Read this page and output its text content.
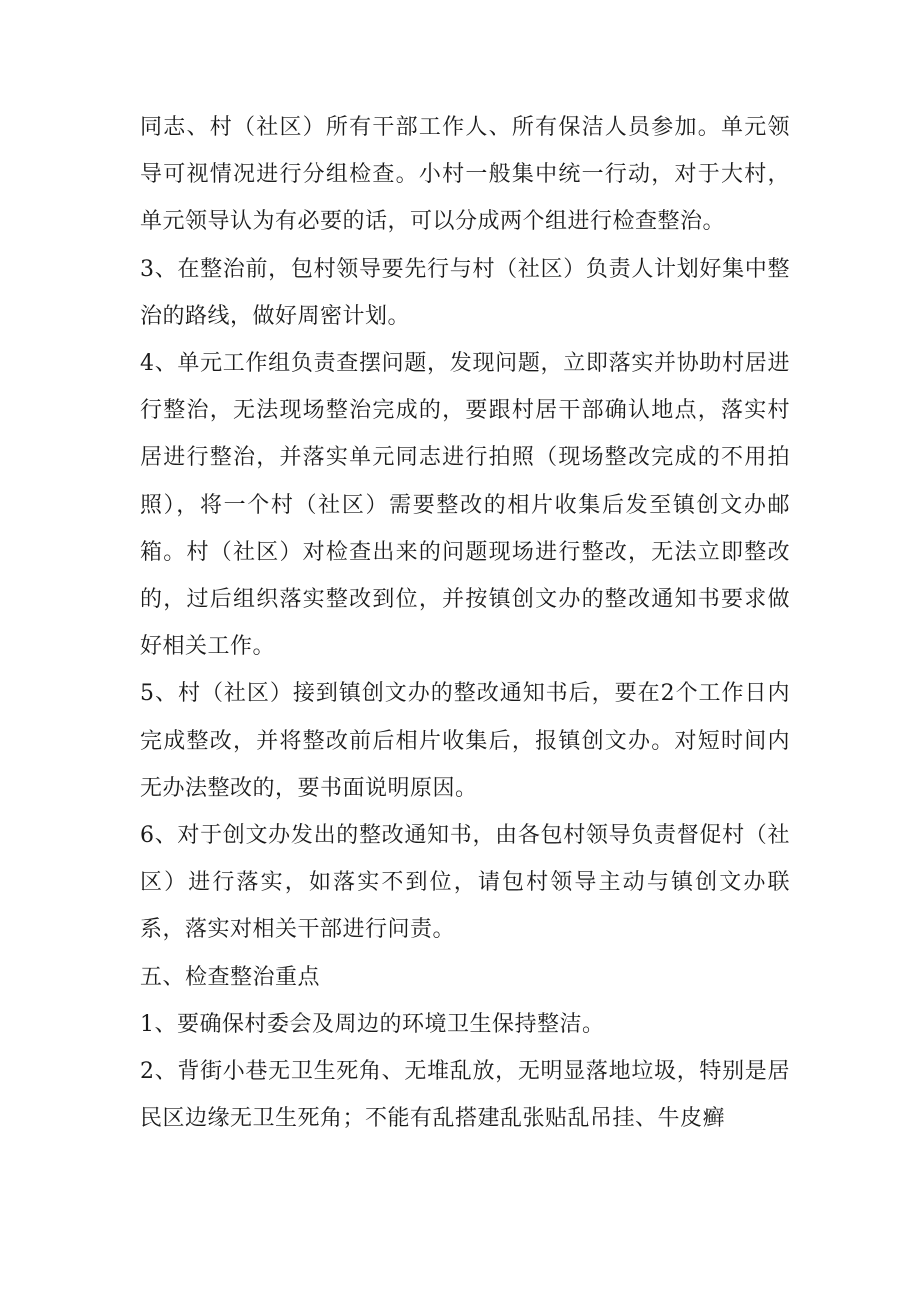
同志、村（社区）所有干部工作人、所有保洁人员参加。单元领导可视情况进行分组检查。小村一般集中统一行动，对于大村，单元领导认为有必要的话，可以分成两个组进行检查整治。

3、在整治前，包村领导要先行与村（社区）负责人计划好集中整治的路线，做好周密计划。

4、单元工作组负责查摆问题，发现问题，立即落实并协助村居进行整治，无法现场整治完成的，要跟村居干部确认地点，落实村居进行整治，并落实单元同志进行拍照（现场整改完成的不用拍照），将一个村（社区）需要整改的相片收集后发至镇创文办邮箱。村（社区）对检查出来的问题现场进行整改，无法立即整改的，过后组织落实整改到位，并按镇创文办的整改通知书要求做好相关工作。

5、村（社区）接到镇创文办的整改通知书后，要在2个工作日内完成整改，并将整改前后相片收集后，报镇创文办。对短时间内无办法整改的，要书面说明原因。

6、对于创文办发出的整改通知书，由各包村领导负责督促村（社区）进行落实，如落实不到位，请包村领导主动与镇创文办联系，落实对相关干部进行问责。

五、检查整治重点

1、要确保村委会及周边的环境卫生保持整洁。

2、背街小巷无卫生死角、无堆乱放，无明显落地垃圾，特别是居民区边缘无卫生死角；不能有乱搭建乱张贴乱吊挂、牛皮癣
